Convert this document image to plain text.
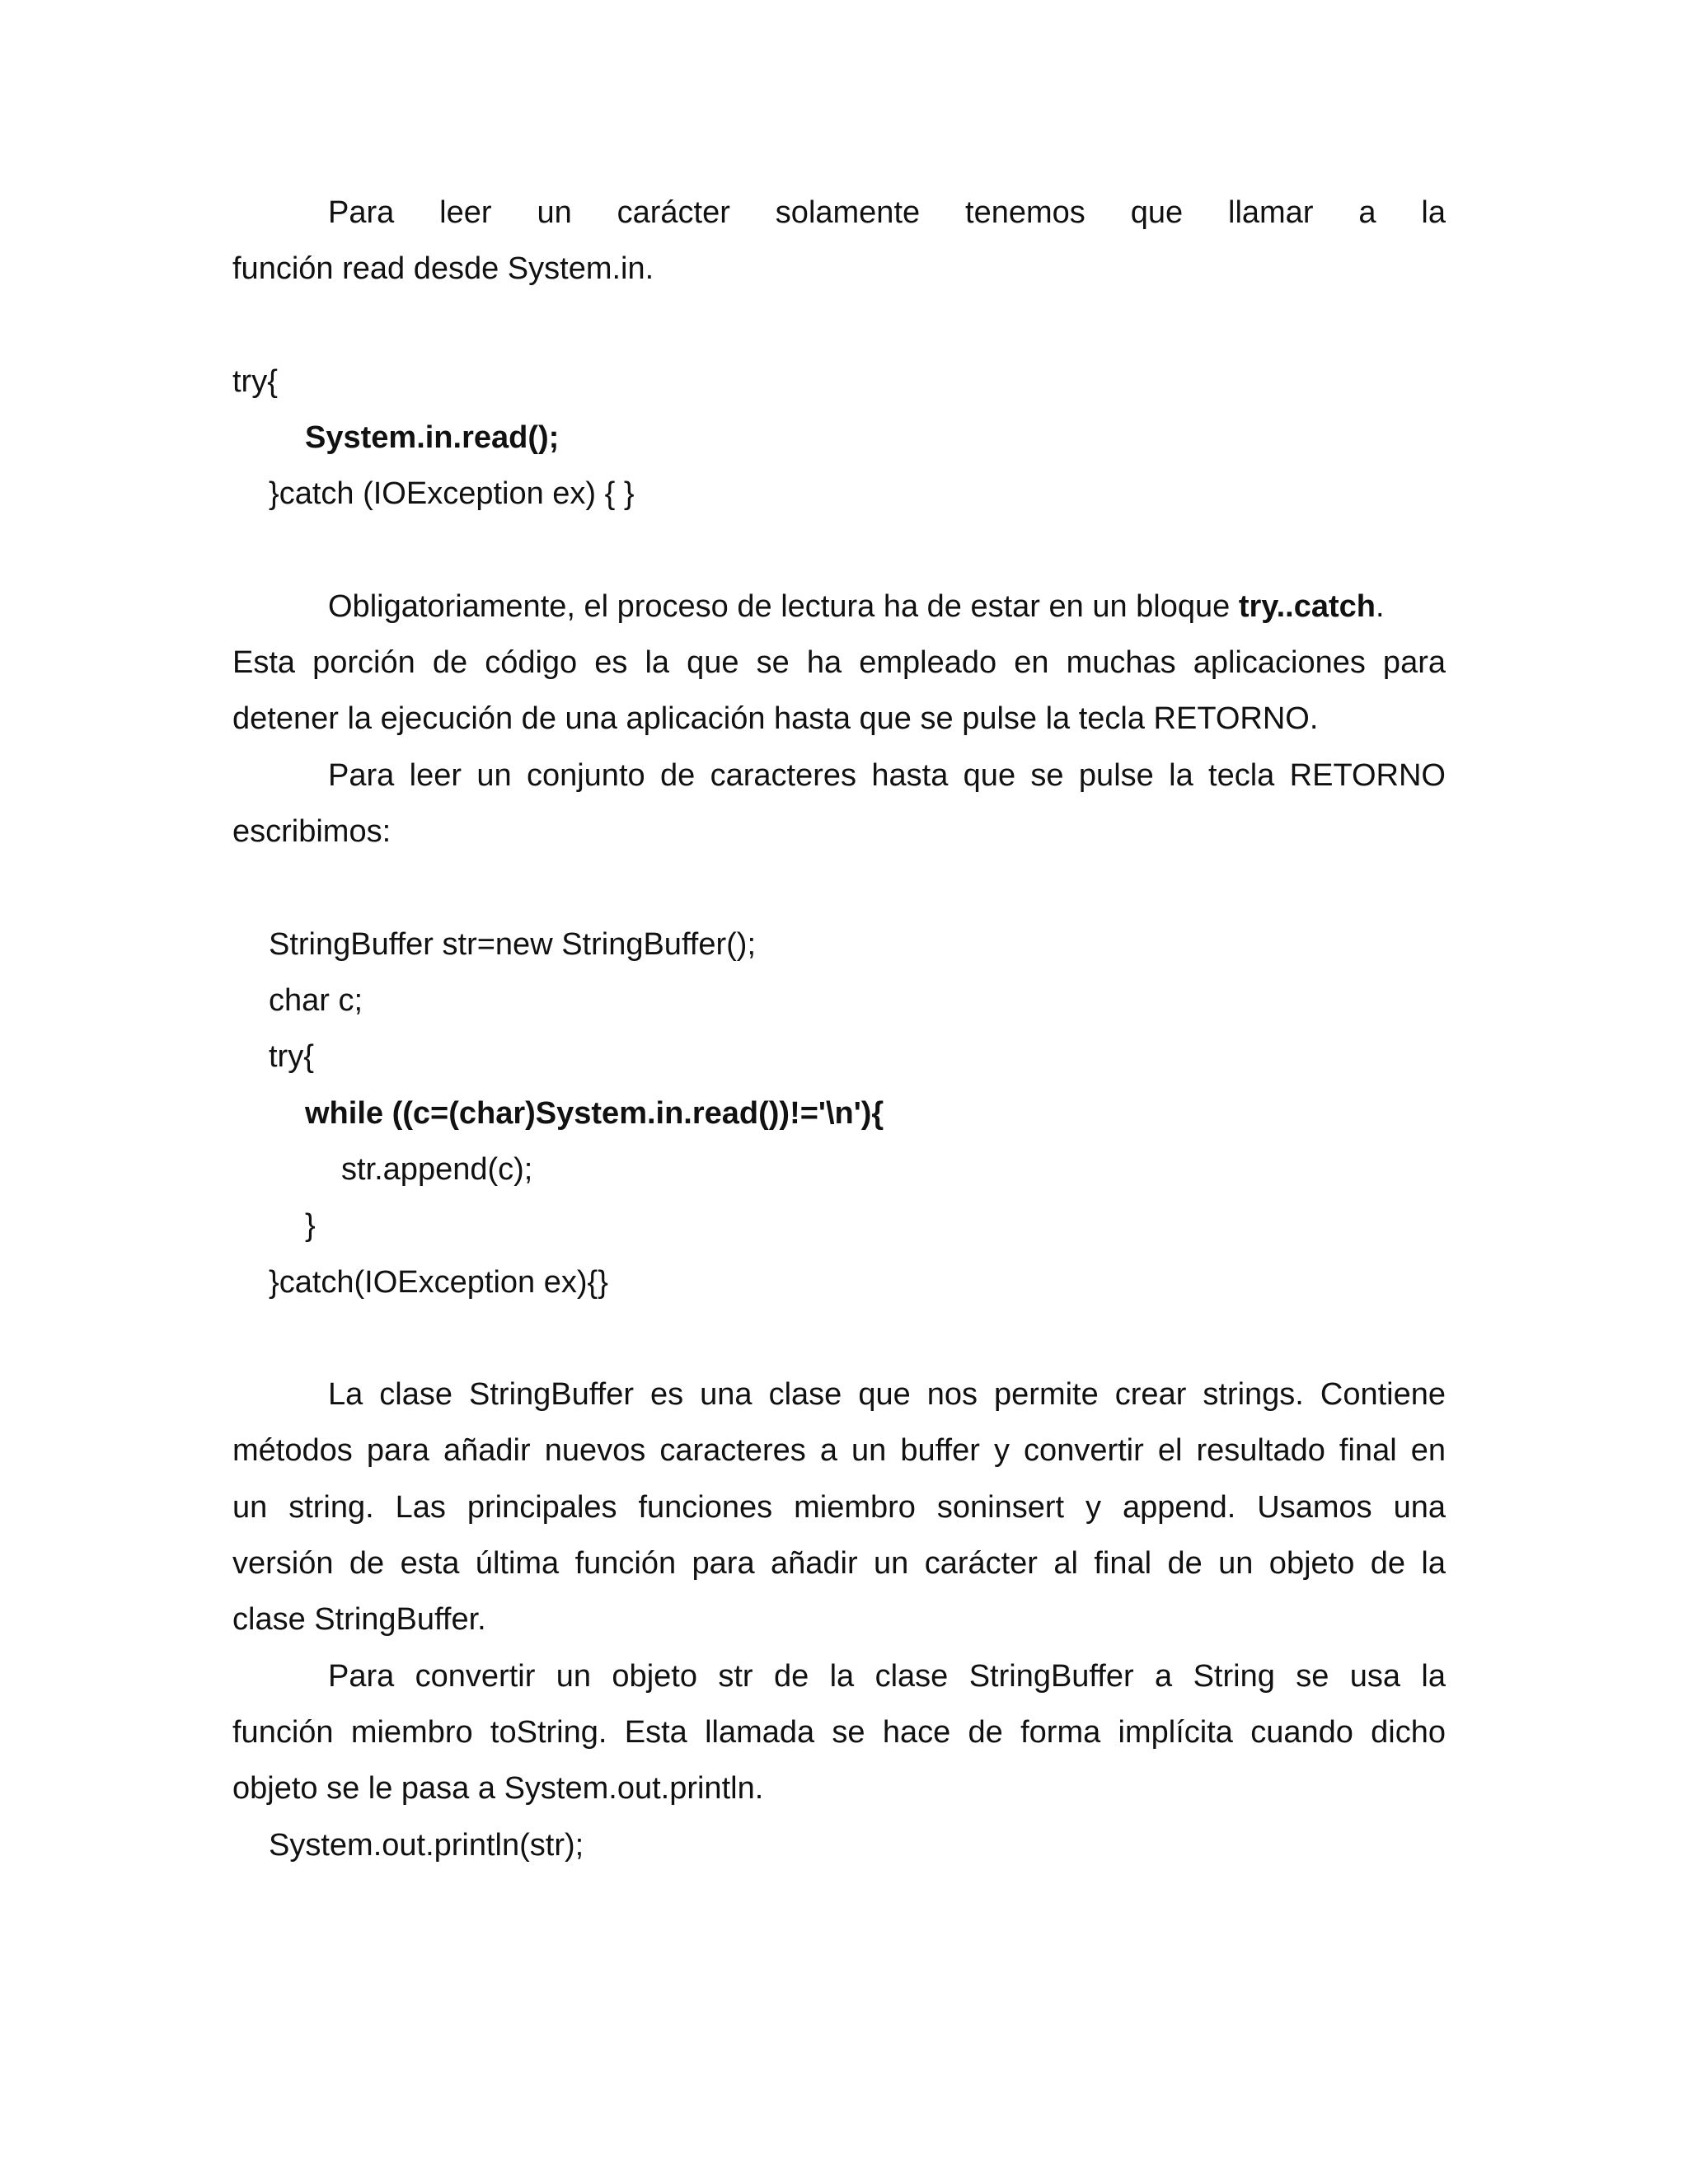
Para leer un carácter solamente tenemos que llamar a la

función read desde System.in.

try{

System.in.read();

}catch (IOException ex) { }

Obligatoriamente, el proceso de lectura ha de estar en un bloque try..catch.

Esta porción de código es la que se ha empleado en muchas aplicaciones para

detener la ejecución de una aplicación hasta que se pulse la tecla RETORNO.

Para leer un conjunto de caracteres hasta que se pulse la tecla RETORNO

escribimos:

StringBuffer str=new StringBuffer();

char c;

try{

while ((c=(char)System.in.read())!='\n'){

str.append(c);

}

}catch(IOException ex){}

La clase StringBuffer es una clase que nos permite crear strings. Contiene

métodos para añadir nuevos caracteres a un buffer y convertir el resultado final en

un string. Las principales funciones miembro soninsert y append. Usamos una

versión de esta última función para añadir un carácter al final de un objeto de la

clase StringBuffer.

Para convertir un objeto str de la clase StringBuffer a String se usa la

función miembro toString. Esta llamada se hace de forma implícita cuando dicho

objeto se le pasa a System.out.println.

System.out.println(str);
